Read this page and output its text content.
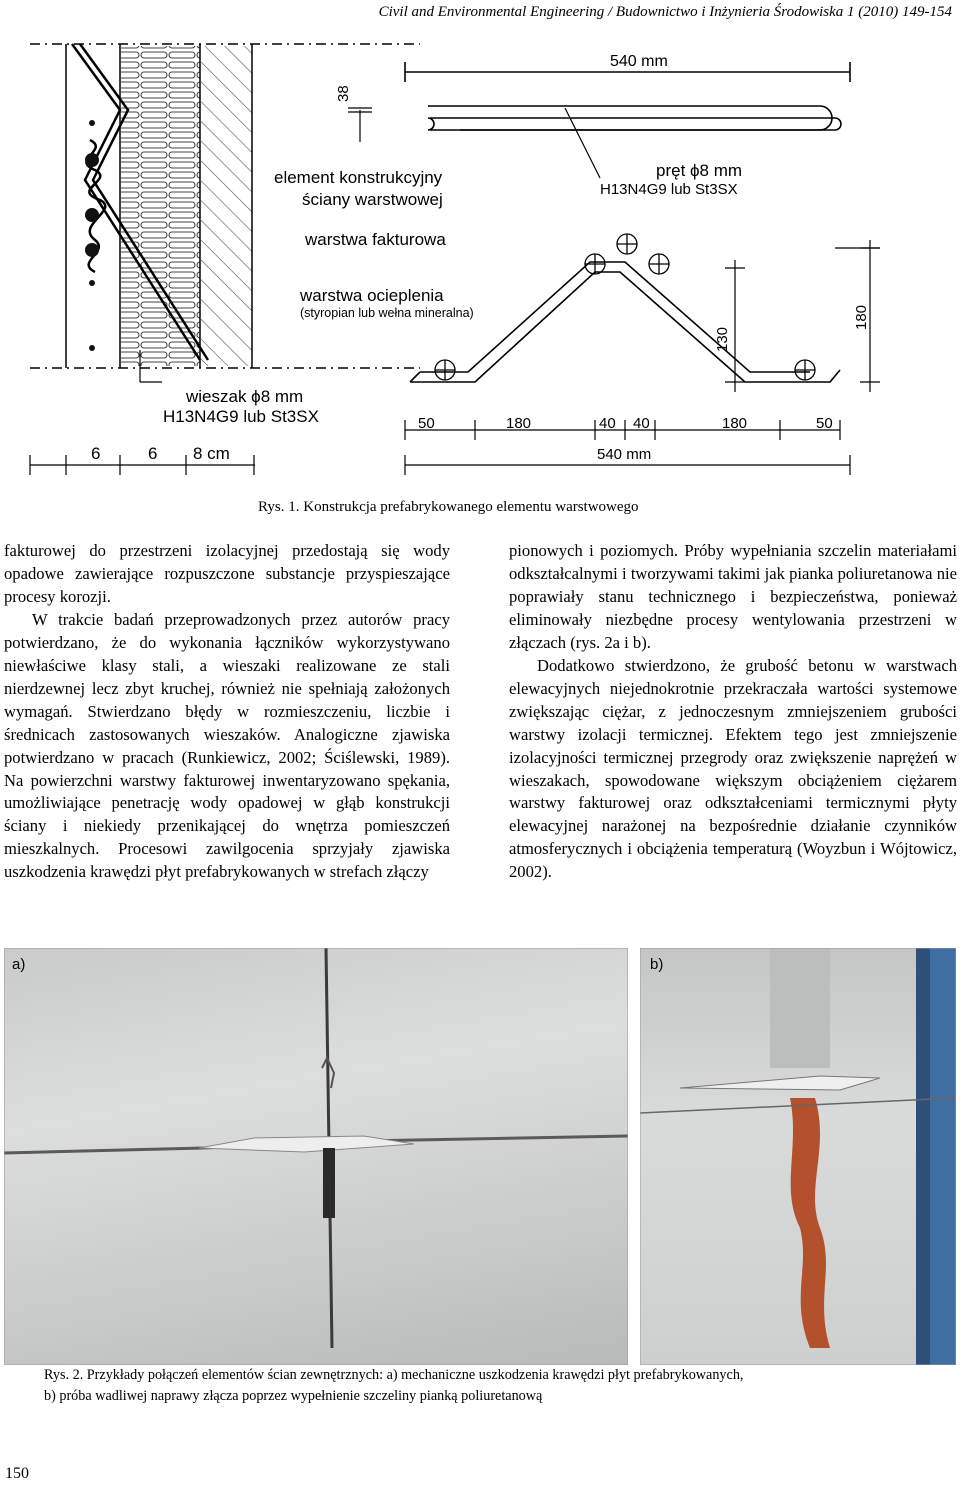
Civil and Environmental Engineering / Budownictwo i Inżynieria Środowiska 1 (2010) 149-154
38
element konstrukcyjny
ściany warstwowej
warstwa fakturowa
warstwa ocieplenia
(styropian lub wełna mineralna)
wieszak ϕ8 mm
H13N4G9 lub St3SX
6	6 8 cm
540 mm
pręt ϕ8 mm
H13N4G9 lub St3SX
130
180
50	180	40 40	180	50
540 mm
Rys. 1. Konstrukcja prefabrykowanego elementu warstwowego

fakturowej do przestrzeni izolacyjnej przedostają się wody opadowe zawierające rozpuszczone substancje przyspieszające procesy korozji.

W trakcie badań przeprowadzonych przez autorów pracy potwierdzano, że do wykonania łączników wykorzystywano niewłaściwe klasy stali, a wieszaki realizowane ze stali nierdzewnej lecz zbyt kruchej, również nie spełniają założonych wymagań. Stwierdzano błędy w rozmieszczeniu, liczbie i średnicach zastosowanych wieszaków. Analogiczne zjawiska potwierdzano w pracach (Runkiewicz, 2002; Ściślewski, 1989). Na powierzchni warstwy fakturowej inwentaryzowano spękania, umożliwiające penetrację wody opadowej w głąb konstrukcji ściany i niekiedy przenikającej do wnętrza pomieszczeń mieszkalnych. Procesowi zawilgocenia sprzyjały zjawiska uszkodzenia krawędzi płyt prefabrykowanych w strefach złączy

pionowych i poziomych. Próby wypełniania szczelin materiałami odkształcalnymi i tworzywami takimi jak pianka poliuretanowa nie poprawiały stanu technicznego i bezpieczeństwa, ponieważ eliminowały niezbędne procesy wentylowania przestrzeni w złączach (rys. 2a i b).

Dodatkowo stwierdzono, że grubość betonu w warstwach elewacyjnych niejednokrotnie przekraczała wartości systemowe zwiększając ciężar, z jednoczesnym zmniejszeniem grubości warstwy izolacji termicznej. Efektem tego jest zmniejszenie izolacyjności termicznej przegrody oraz zwiększenie naprężeń w wieszakach, spowodowane większym obciążeniem ciężarem warstwy fakturowej oraz odkształceniami termicznymi płyty elewacyjnej narażonej na bezpośrednie działanie czynników atmosferycznych i obciążenia temperaturą (Woyzbun i Wójtowicz, 2002).

a)	b)
Rys. 2. Przykłady połączeń elementów ścian zewnętrznych: a) mechaniczne uszkodzenia krawędzi płyt prefabrykowanych,
b) próba wadliwej naprawy złącza poprzez wypełnienie szczeliny pianką poliuretanową
150
